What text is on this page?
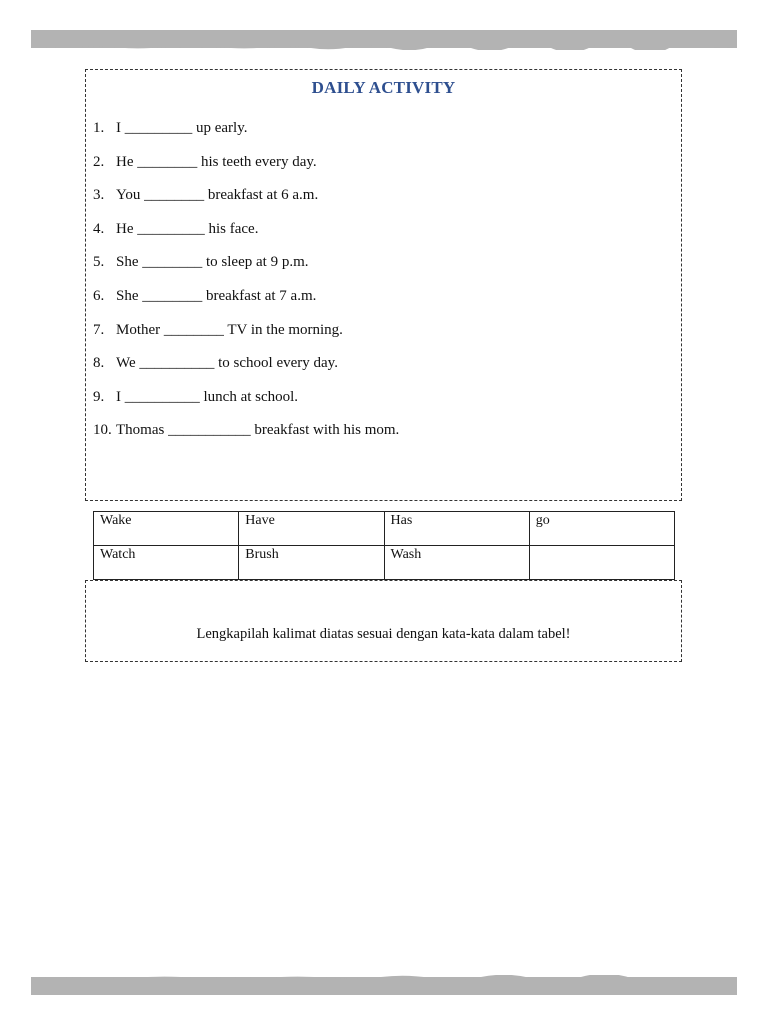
DAILY ACTIVITY
1. I _________ up early.
2. He ________ his teeth every day.
3. You ________ breakfast at 6 a.m.
4. He _________ his face.
5. She ________ to sleep at 9 p.m.
6. She ________ breakfast at 7 a.m.
7. Mother ________ TV in the morning.
8. We __________ to school every day.
9. I __________ lunch at school.
10. Thomas ___________ breakfast with his mom.
Wake	Have	Has	go
Watch	Brush	Wash	
Lengkapilah kalimat diatas sesuai dengan kata-kata dalam tabel!
